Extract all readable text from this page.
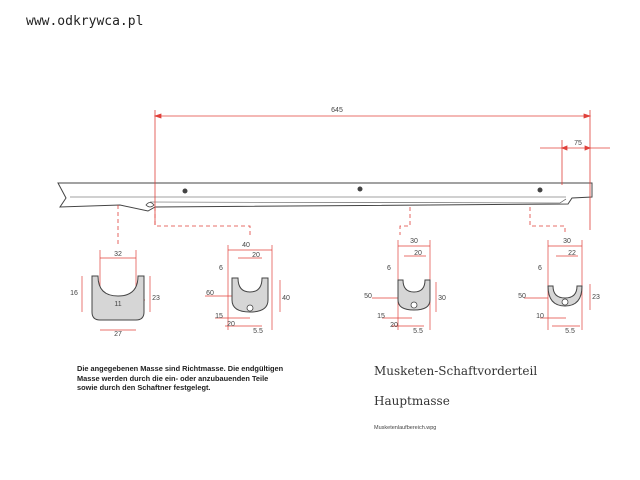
www.odkrywca.pl
645
75
32
16
23
11
27
40
6
20
60
40
15
20
5.5
30
6
20
50	30
15
20
5.5
30
6
22
50	23
10
5.5
Die angegebenen Masse sind Richtmasse. Die endgültigen
Masse werden durch die ein- oder anzubauenden Teile
sowie durch den Schaftner festgelegt.
Musketen-Schaftvorderteil
Hauptmasse
Musketenlaufbereich.wpg
